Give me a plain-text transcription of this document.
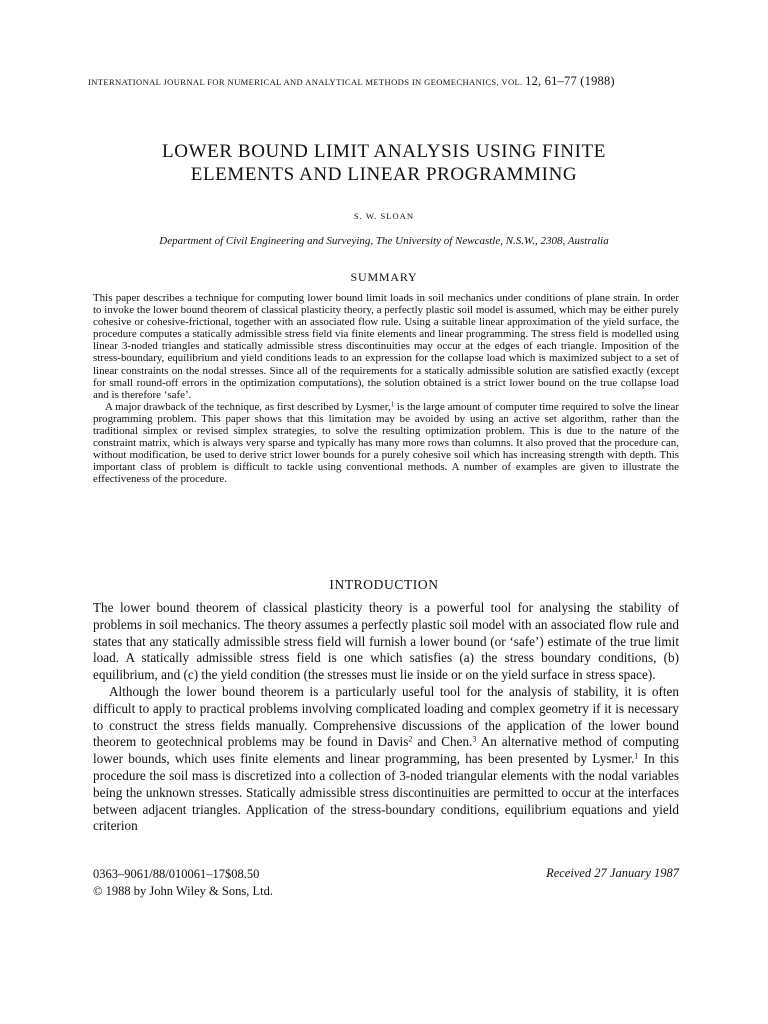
INTERNATIONAL JOURNAL FOR NUMERICAL AND ANALYTICAL METHODS IN GEOMECHANICS, VOL. 12, 61–77 (1988)
LOWER BOUND LIMIT ANALYSIS USING FINITE
ELEMENTS AND LINEAR PROGRAMMING
S. W. SLOAN
Department of Civil Engineering and Surveying, The University of Newcastle, N.S.W., 2308, Australia
SUMMARY

This paper describes a technique for computing lower bound limit loads in soil mechanics under conditions of plane strain. In order to invoke the lower bound theorem of classical plasticity theory, a perfectly plastic soil model is assumed, which may be either purely cohesive or cohesive-frictional, together with an associated flow rule. Using a suitable linear approximation of the yield surface, the procedure computes a statically admissible stress field via finite elements and linear programming. The stress field is modelled using linear 3-noded triangles and statically admissible stress discontinuities may occur at the edges of each triangle. Imposition of the stress-boundary, equilibrium and yield conditions leads to an expression for the collapse load which is maximized subject to a set of linear constraints on the nodal stresses. Since all of the requirements for a statically admissible solution are satisfied exactly (except for small round-off errors in the optimization computations), the solution obtained is a strict lower bound on the true collapse load and is therefore ‘safe’.

A major drawback of the technique, as first described by Lysmer,$^1$ is the large amount of computer time required to solve the linear programming problem. This paper shows that this limitation may be avoided by using an active set algorithm, rather than the traditional simplex or revised simplex strategies, to solve the resulting optimization problem. This is due to the nature of the constraint matrix, which is always very sparse and typically has many more rows than columns. It also proved that the procedure can, without modification, be used to derive strict lower bounds for a purely cohesive soil which has increasing strength with depth. This important class of problem is difficult to tackle using conventional methods. A number of examples are given to illustrate the effectiveness of the procedure.

INTRODUCTION

The lower bound theorem of classical plasticity theory is a powerful tool for analysing the stability of problems in soil mechanics. The theory assumes a perfectly plastic soil model with an associated flow rule and states that any statically admissible stress field will furnish a lower bound (or ‘safe’) estimate of the true limit load. A statically admissible stress field is one which satisfies (a) the stress boundary conditions, (b) equilibrium, and (c) the yield condition (the stresses must lie inside or on the yield surface in stress space).

Although the lower bound theorem is a particularly useful tool for the analysis of stability, it is often difficult to apply to practical problems involving complicated loading and complex geometry if it is necessary to construct the stress fields manually. Comprehensive discussions of the application of the lower bound theorem to geotechnical problems may be found in Davis$^2$ and Chen.$^3$ An alternative method of computing lower bounds, which uses finite elements and linear programming, has been presented by Lysmer.$^1$ In this procedure the soil mass is discretized into a collection of 3-noded triangular elements with the nodal variables being the unknown stresses. Statically admissible stress discontinuities are permitted to occur at the interfaces between adjacent triangles. Application of the stress-boundary conditions, equilibrium equations and yield criterion

0363–9061/88/010061–17$08.50
© 1988 by John Wiley & Sons, Ltd.
Received 27 January 1987
